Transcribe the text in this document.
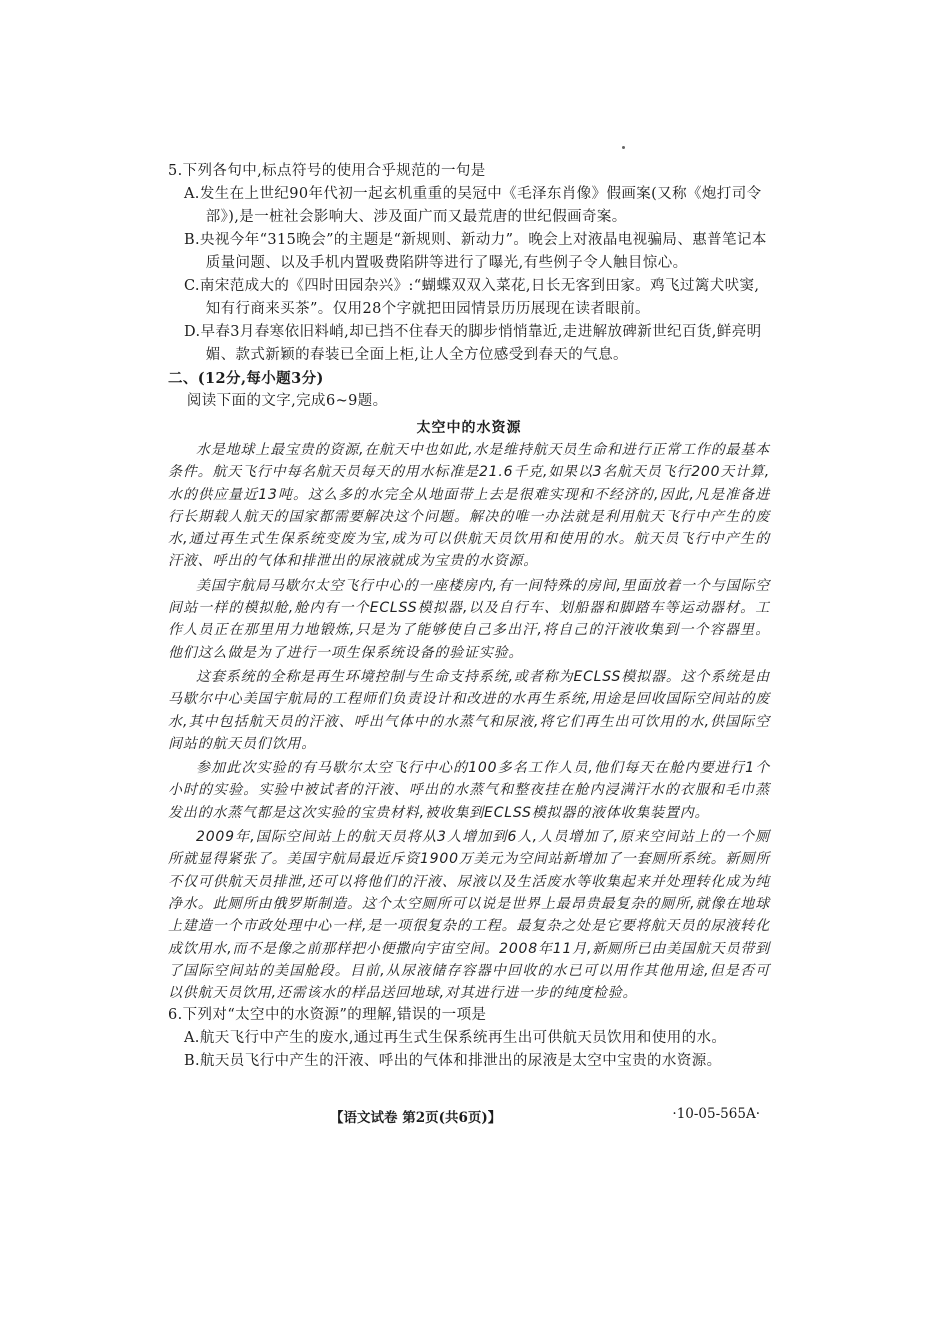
5.下列各句中,标点符号的使用合乎规范的一句是

A.发生在上世纪90年代初一起玄机重重的吴冠中《毛泽东肖像》假画案(又称《炮打司令部》),是一桩社会影响大、涉及面广而又最荒唐的世纪假画奇案。

B.央视今年“315晚会”的主题是“新规则、新动力”。晚会上对液晶电视骗局、惠普笔记本质量问题、以及手机内置吸费陷阱等进行了曝光,有些例子令人触目惊心。

C.南宋范成大的《四时田园杂兴》:“蝴蝶双双入菜花,日长无客到田家。鸡飞过篱犬吠窦,知有行商来买茶”。仅用28个字就把田园情景历历展现在读者眼前。

D.早春3月春寒依旧料峭,却已挡不住春天的脚步悄悄靠近,走进解放碑新世纪百货,鲜亮明媚、款式新颖的春装已全面上柜,让人全方位感受到春天的气息。

二、(12分,每小题3分)

阅读下面的文字,完成6~9题。

太空中的水资源

水是地球上最宝贵的资源,在航天中也如此,水是维持航天员生命和进行正常工作的最基本条件。航天飞行中每名航天员每天的用水标准是21.6千克,如果以3名航天员飞行200天计算,水的供应量近13吨。这么多的水完全从地面带上去是很难实现和不经济的,因此,凡是准备进行长期载人航天的国家都需要解决这个问题。解决的唯一办法就是利用航天飞行中产生的废水,通过再生式生保系统变废为宝,成为可以供航天员饮用和使用的水。航天员飞行中产生的汗液、呼出的气体和排泄出的尿液就成为宝贵的水资源。

美国宇航局马歇尔太空飞行中心的一座楼房内,有一间特殊的房间,里面放着一个与国际空间站一样的模拟舱,舱内有一个ECLSS模拟器,以及自行车、划船器和脚踏车等运动器材。工作人员正在那里用力地锻炼,只是为了能够使自己多出汗,将自己的汗液收集到一个容器里。他们这么做是为了进行一项生保系统设备的验证实验。

这套系统的全称是再生环境控制与生命支持系统,或者称为ECLSS模拟器。这个系统是由马歇尔中心美国宇航局的工程师们负责设计和改进的水再生系统,用途是回收国际空间站的废水,其中包括航天员的汗液、呼出气体中的水蒸气和尿液,将它们再生出可饮用的水,供国际空间站的航天员们饮用。

参加此次实验的有马歇尔太空飞行中心的100多名工作人员,他们每天在舱内要进行1个小时的实验。实验中被试者的汗液、呼出的水蒸气和整夜挂在舱内浸满汗水的衣服和毛巾蒸发出的水蒸气都是这次实验的宝贵材料,被收集到ECLSS模拟器的液体收集装置内。

2009年,国际空间站上的航天员将从3人增加到6人,人员增加了,原来空间站上的一个厕所就显得紧张了。美国宇航局最近斥资1900万美元为空间站新增加了一套厕所系统。新厕所不仅可供航天员排泄,还可以将他们的汗液、尿液以及生活废水等收集起来并处理转化成为纯净水。此厕所由俄罗斯制造。这个太空厕所可以说是世界上最昂贵最复杂的厕所,就像在地球上建造一个市政处理中心一样,是一项很复杂的工程。最复杂之处是它要将航天员的尿液转化成饮用水,而不是像之前那样把小便撒向宇宙空间。2008年11月,新厕所已由美国航天员带到了国际空间站的美国舱段。目前,从尿液储存容器中回收的水已可以用作其他用途,但是否可以供航天员饮用,还需该水的样品送回地球,对其进行进一步的纯度检验。

6.下列对“太空中的水资源”的理解,错误的一项是

A.航天飞行中产生的废水,通过再生式生保系统再生出可供航天员饮用和使用的水。

B.航天员飞行中产生的汗液、呼出的气体和排泄出的尿液是太空中宝贵的水资源。

【语文试卷 第2页(共6页)】	·10-05-565A·
